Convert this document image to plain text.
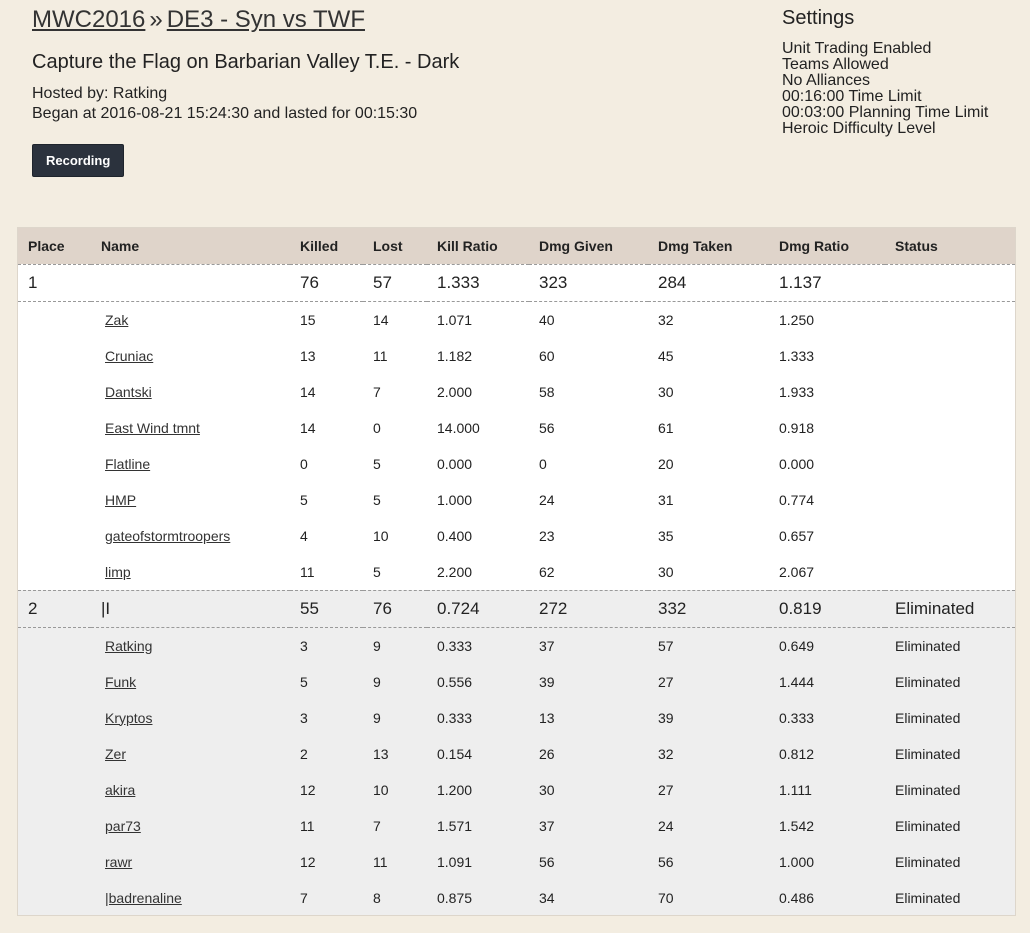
MWC2016 » DE3 - Syn vs TWF
Capture the Flag on Barbarian Valley T.E. - Dark
Hosted by: Ratking
Began at 2016-08-21 15:24:30 and lasted for 00:15:30
Recording
Settings
Unit Trading Enabled
Teams Allowed
No Alliances
00:16:00 Time Limit
00:03:00 Planning Time Limit
Heroic Difficulty Level
Place	Name	Killed	Lost	Kill Ratio	Dmg Given	Dmg Taken	Dmg Ratio	Status
1		76	57	1.333	323	284	1.137	
	Zak	15	14	1.071	40	32	1.250	
	Cruniac	13	11	1.182	60	45	1.333	
	Dantski	14	7	2.000	58	30	1.933	
	East Wind tmnt	14	0	14.000	56	61	0.918	
	Flatline	0	5	0.000	0	20	0.000	
	HMP	5	5	1.000	24	31	0.774	
	gateofstormtroopers	4	10	0.400	23	35	0.657	
	limp	11	5	2.200	62	30	2.067	
2	|I	55	76	0.724	272	332	0.819	Eliminated
	Ratking	3	9	0.333	37	57	0.649	Eliminated
	Funk	5	9	0.556	39	27	1.444	Eliminated
	Kryptos	3	9	0.333	13	39	0.333	Eliminated
	Zer	2	13	0.154	26	32	0.812	Eliminated
	akira	12	10	1.200	30	27	1.111	Eliminated
	par73	11	7	1.571	37	24	1.542	Eliminated
	rawr	12	11	1.091	56	56	1.000	Eliminated
	|badrenaline	7	8	0.875	34	70	0.486	Eliminated
